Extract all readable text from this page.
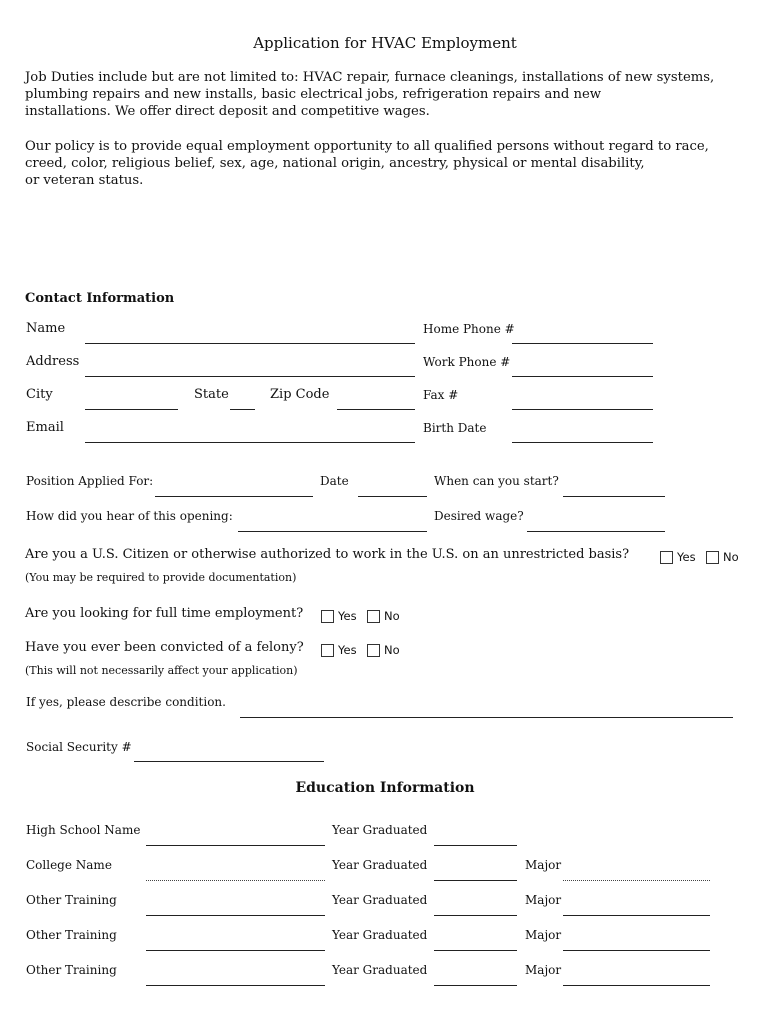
Application for HVAC Employment
Job Duties include but are not limited to: HVAC repair, furnace cleanings, installations of new systems,
plumbing repairs and new installs, basic electrical jobs, refrigeration repairs and new
installations. We offer direct deposit and competitive wages.
Our policy is to provide equal employment opportunity to all qualified persons without regard to race,
creed, color, religious belief, sex, age, national origin, ancestry, physical or mental disability,
or veteran status.
Contact Information
Name	Home Phone #
Address	Work Phone #
City	State	Zip Code	Fax #
Email	Birth Date
Position Applied For:	Date	When can you start?
How did you hear of this opening:	Desired wage?
Are you a U.S. Citizen or otherwise authorized to work in the U.S. on an unrestricted basis?	Yes No
(You may be required to provide documentation)
Are you looking for full time employment?	Yes No
Have you ever been convicted of a felony?	Yes No
(This will not necessarily affect your application)
If yes, please describe condition.
Social Security #
Education Information
High School Name	Year Graduated
College Name	Year Graduated	Major
Other Training	Year Graduated	Major
Other Training	Year Graduated	Major
Other Training	Year Graduated	Major
